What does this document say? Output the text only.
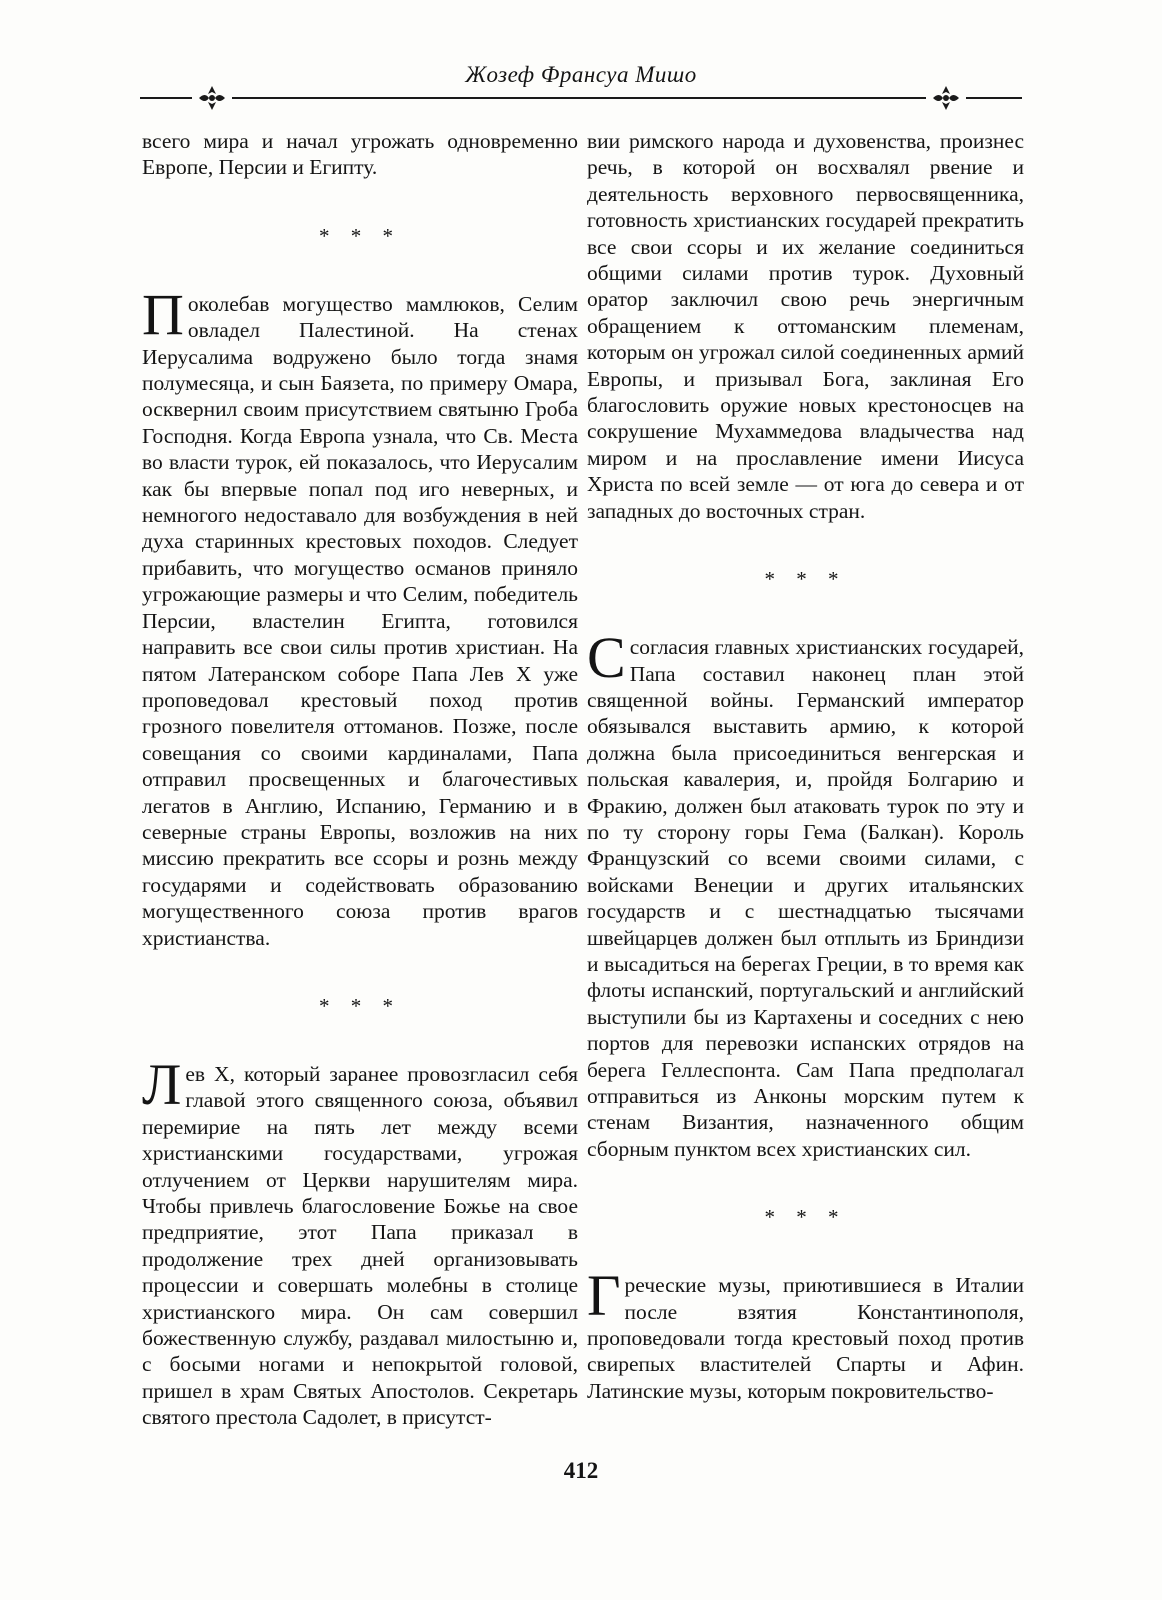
Жозеф Франсуа Мишо

всего мира и начал угрожать одновременно Европе, Персии и Египту.

* * *

Поколебав могущество мамлюков, Селим овладел Палестиной. На стенах Иерусалима водружено было тогда знамя полумесяца, и сын Баязета, по примеру Омара, осквернил своим присутствием святыню Гроба Господня. Когда Европа узнала, что Св. Места во власти турок, ей показалось, что Иерусалим как бы впервые попал под иго неверных, и немногого недоставало для возбуждения в ней духа старинных крестовых походов. Следует прибавить, что могущество османов приняло угрожающие размеры и что Селим, победитель Персии, властелин Египта, готовился направить все свои силы против христиан. На пятом Латеранском соборе Папа Лев X уже проповедовал крестовый поход против грозного повелителя оттоманов. Позже, после совещания со своими кардиналами, Папа отправил просвещенных и благочестивых легатов в Англию, Испанию, Германию и в северные страны Европы, возложив на них миссию прекратить все ссоры и рознь между государями и содействовать образованию могущественного союза против врагов христианства.

* * *

Лев X, который заранее провозгласил себя главой этого священного союза, объявил перемирие на пять лет между всеми христианскими государствами, угрожая отлучением от Церкви нарушителям мира. Чтобы привлечь благословение Божье на свое предприятие, этот Папа приказал в продолжение трех дней организовывать процессии и совершать молебны в столице христианского мира. Он сам совершил божественную службу, раздавал милостыню и, с босыми ногами и непокрытой головой, пришел в храм Святых Апостолов. Секретарь святого престола Садолет, в присутст-

вии римского народа и духовенства, произнес речь, в которой он восхвалял рвение и деятельность верховного первосвященника, готовность христианских государей прекратить все свои ссоры и их желание соединиться общими силами против турок. Духовный оратор заключил свою речь энергичным обращением к оттоманским племенам, которым он угрожал силой соединенных армий Европы, и призывал Бога, заклиная Его благословить оружие новых крестоносцев на сокрушение Мухаммедова владычества над миром и на прославление имени Иисуса Христа по всей земле — от юга до севера и от западных до восточных стран.

* * *

Ссогласия главных христианских государей, Папа составил наконец план этой священной войны. Германский император обязывался выставить армию, к которой должна была присоединиться венгерская и польская кавалерия, и, пройдя Болгарию и Фракию, должен был атаковать турок по эту и по ту сторону горы Гема (Балкан). Король Французский со всеми своими силами, с войсками Венеции и других итальянских государств и с шестнадцатью тысячами швейцарцев должен был отплыть из Бриндизи и высадиться на берегах Греции, в то время как флоты испанский, португальский и английский выступили бы из Картахены и соседних с нею портов для перевозки испанских отрядов на берега Геллеспонта. Сам Папа предполагал отправиться из Анконы морским путем к стенам Византия, назначенного общим сборным пунктом всех христианских сил.

* * *

Греческие музы, приютившиеся в Италии после взятия Константинополя, проповедовали тогда крестовый поход против свирепых властителей Спарты и Афин. Латинские музы, которым покровительство-

412
